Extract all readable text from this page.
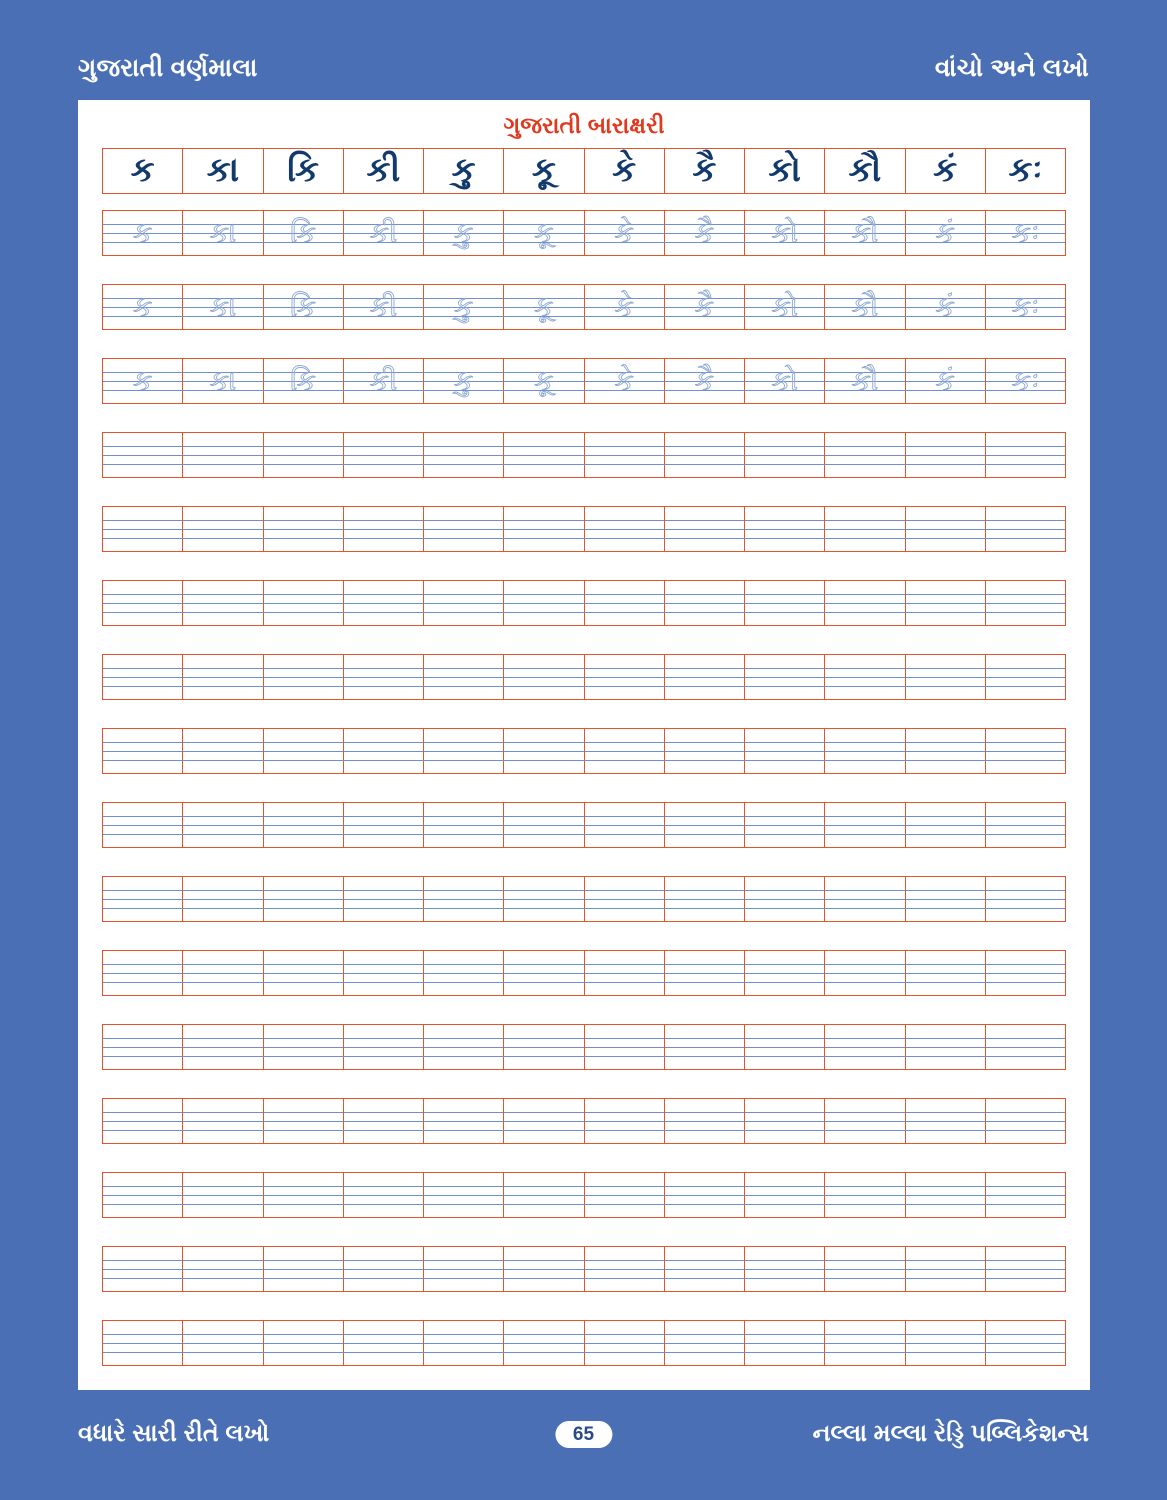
ગુજરાતી વર્ણમાલા	વાંચો અને લખો
ગુજરાતી બારાક્ષરી
ક કા કિ કી કુ કૂ કે કૈ કો કૌ કં કઃ
ક	કા	કિ	કી	કુ	કૂ	કે	કૈ	કો	કૌ	કં	કઃ
ક	કા	કિ	કી	કુ	કૂ	કે	કૈ	કો	કૌ	કં	કઃ
ક	કા	કિ	કી	કુ	કૂ	કે	કૈ	કો	કૌ	કં	કઃ
વધારે સારી રીતે લખો	65	નલ્લા મલ્લા રેડ્ડિ પબ્લિકેશન્સ
